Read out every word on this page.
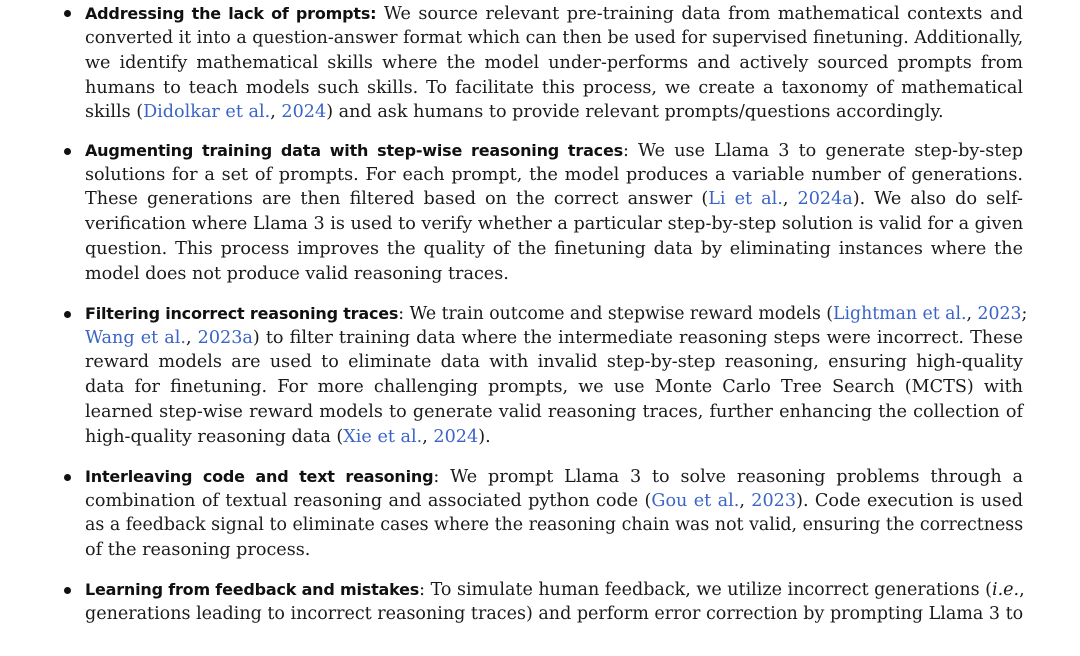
Addressing the lack of prompts: We source relevant pre-training data from mathematical contexts and
converted it into a question-answer format which can then be used for supervised finetuning. Additionally,
we identify mathematical skills where the model under-performs and actively sourced prompts from
humans to teach models such skills. To facilitate this process, we create a taxonomy of mathematical
skills (Didolkar et al., 2024) and ask humans to provide relevant prompts/questions accordingly.
Augmenting training data with step-wise reasoning traces: We use Llama 3 to generate step-by-step
solutions for a set of prompts. For each prompt, the model produces a variable number of generations.
These generations are then filtered based on the correct answer (Li et al., 2024a). We also do self-
verification where Llama 3 is used to verify whether a particular step-by-step solution is valid for a given
question. This process improves the quality of the finetuning data by eliminating instances where the
model does not produce valid reasoning traces.
Filtering incorrect reasoning traces: We train outcome and stepwise reward models (Lightman et al., 2023;
Wang et al., 2023a) to filter training data where the intermediate reasoning steps were incorrect. These
reward models are used to eliminate data with invalid step-by-step reasoning, ensuring high-quality
data for finetuning. For more challenging prompts, we use Monte Carlo Tree Search (MCTS) with
learned step-wise reward models to generate valid reasoning traces, further enhancing the collection of
high-quality reasoning data (Xie et al., 2024).
Interleaving code and text reasoning: We prompt Llama 3 to solve reasoning problems through a
combination of textual reasoning and associated python code (Gou et al., 2023). Code execution is used
as a feedback signal to eliminate cases where the reasoning chain was not valid, ensuring the correctness
of the reasoning process.
Learning from feedback and mistakes: To simulate human feedback, we utilize incorrect generations (i.e.,
generations leading to incorrect reasoning traces) and perform error correction by prompting Llama 3 to
